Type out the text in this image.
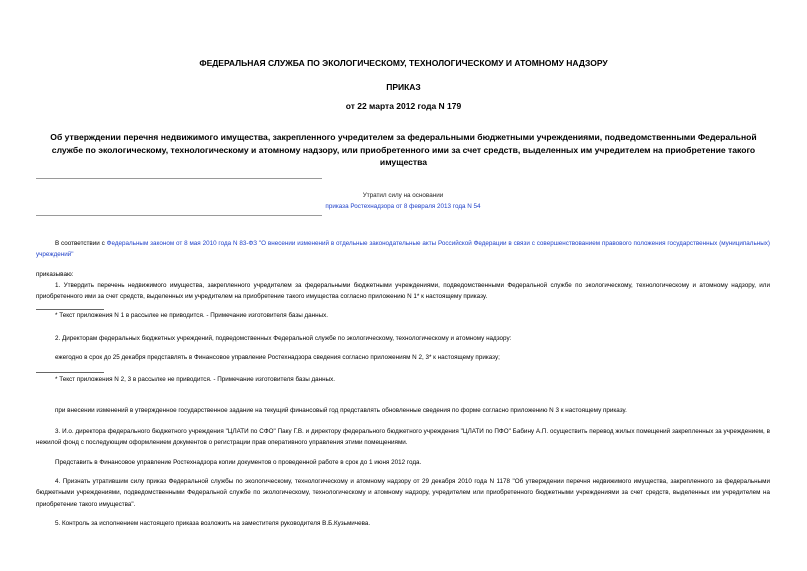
ФЕДЕРАЛЬНАЯ СЛУЖБА ПО ЭКОЛОГИЧЕСКОМУ, ТЕХНОЛОГИЧЕСКОМУ И АТОМНОМУ НАДЗОРУ
ПРИКАЗ
от 22 марта 2012 года N 179
Об утверждении перечня недвижимого имущества, закрепленного учредителем за федеральными бюджетными учреждениями, подведомственными Федеральной службе по экологическому, технологическому и атомному надзору, или приобретенного ими за счет средств, выделенных им учредителем на приобретение такого имущества
Утратил силу на основании
приказа Ростехнадзора от 8 февраля 2013 года N 54
В соответствии с Федеральным законом от 8 мая 2010 года N 83-ФЗ "О внесении изменений в отдельные законодательные акты Российской Федерации в связи с совершенствованием правового положения государственных (муниципальных) учреждений"
приказываю:
1. Утвердить перечень недвижимого имущества, закрепленного учредителем за федеральными бюджетными учреждениями, подведомственными Федеральной службе по экологическому, технологическому и атомному надзору, или приобретенного ими за счет средств, выделенных им учредителем на приобретение такого имущества согласно приложению N 1* к настоящему приказу.
* Текст приложения N 1 в рассылке не приводится. - Примечание изготовителя базы данных.
2. Директорам федеральных бюджетных учреждений, подведомственных Федеральной службе по экологическому, технологическому и атомному надзору:
ежегодно в срок до 25 декабря представлять в Финансовое управление Ростехнадзора сведения согласно приложениям N 2, 3* к настоящему приказу;
* Текст приложения N 2, 3 в рассылке не приводится. - Примечание изготовителя базы данных.
при внесении изменений в утвержденное государственное задание на текущий финансовый год представлять обновленные сведения по форме согласно приложению N 3 к настоящему приказу.
3. И.о. директора федерального бюджетного учреждения "ЦЛАТИ по СФО" Паку Г.В. и директору федерального бюджетного учреждения "ЦЛАТИ по ПФО" Бабину А.П. осуществить перевод жилых помещений закрепленных за учреждением, в нежилой фонд с последующим оформлением документов о регистрации прав оперативного управления этими помещениями.
Представить в Финансовое управление Ростехнадзора копии документов о проведенной работе в срок до 1 июня 2012 года.
4. Признать утратившим силу приказ Федеральной службы по экологическому, технологическому и атомному надзору от 29 декабря 2010 года N 1178 "Об утверждении перечня недвижимого имущества, закрепленного за федеральными бюджетными учреждениями, подведомственными Федеральной службе по экологическому, технологическому и атомному надзору, учредителем или приобретенного бюджетными учреждениями за счет средств, выделенных им учредителем на приобретение такого имущества".
5. Контроль за исполнением настоящего приказа возложить на заместителя руководителя В.Б.Кузьмичева.
